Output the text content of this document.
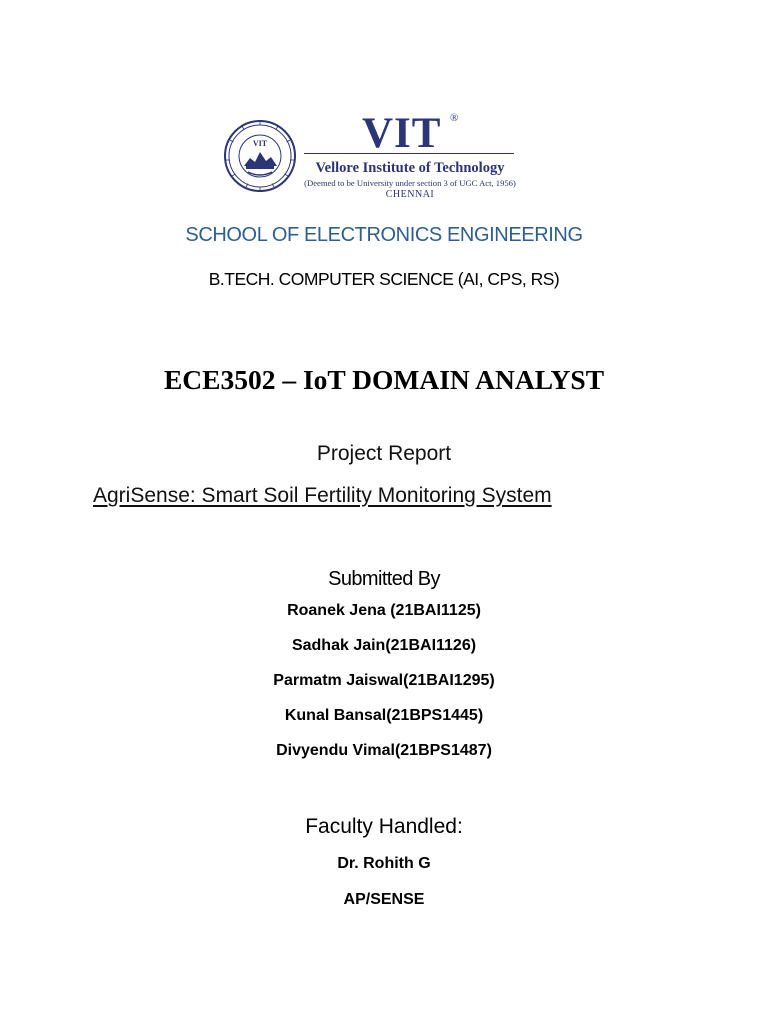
VIT VIT ®
Vellore Institute of Technology
(Deemed to be University under section 3 of UGC Act, 1956)
CHENNAI
SCHOOL OF ELECTRONICS ENGINEERING
B.TECH. COMPUTER SCIENCE (AI, CPS, RS)
ECE3502 – IoT DOMAIN ANALYST
Project Report
AgriSense: Smart Soil Fertility Monitoring System
Submitted By
Roanek Jena (21BAI1125)
Sadhak Jain(21BAI1126)
Parmatm Jaiswal(21BAI1295)
Kunal Bansal(21BPS1445)
Divyendu Vimal(21BPS1487)
Faculty Handled:
Dr. Rohith G
AP/SENSE
